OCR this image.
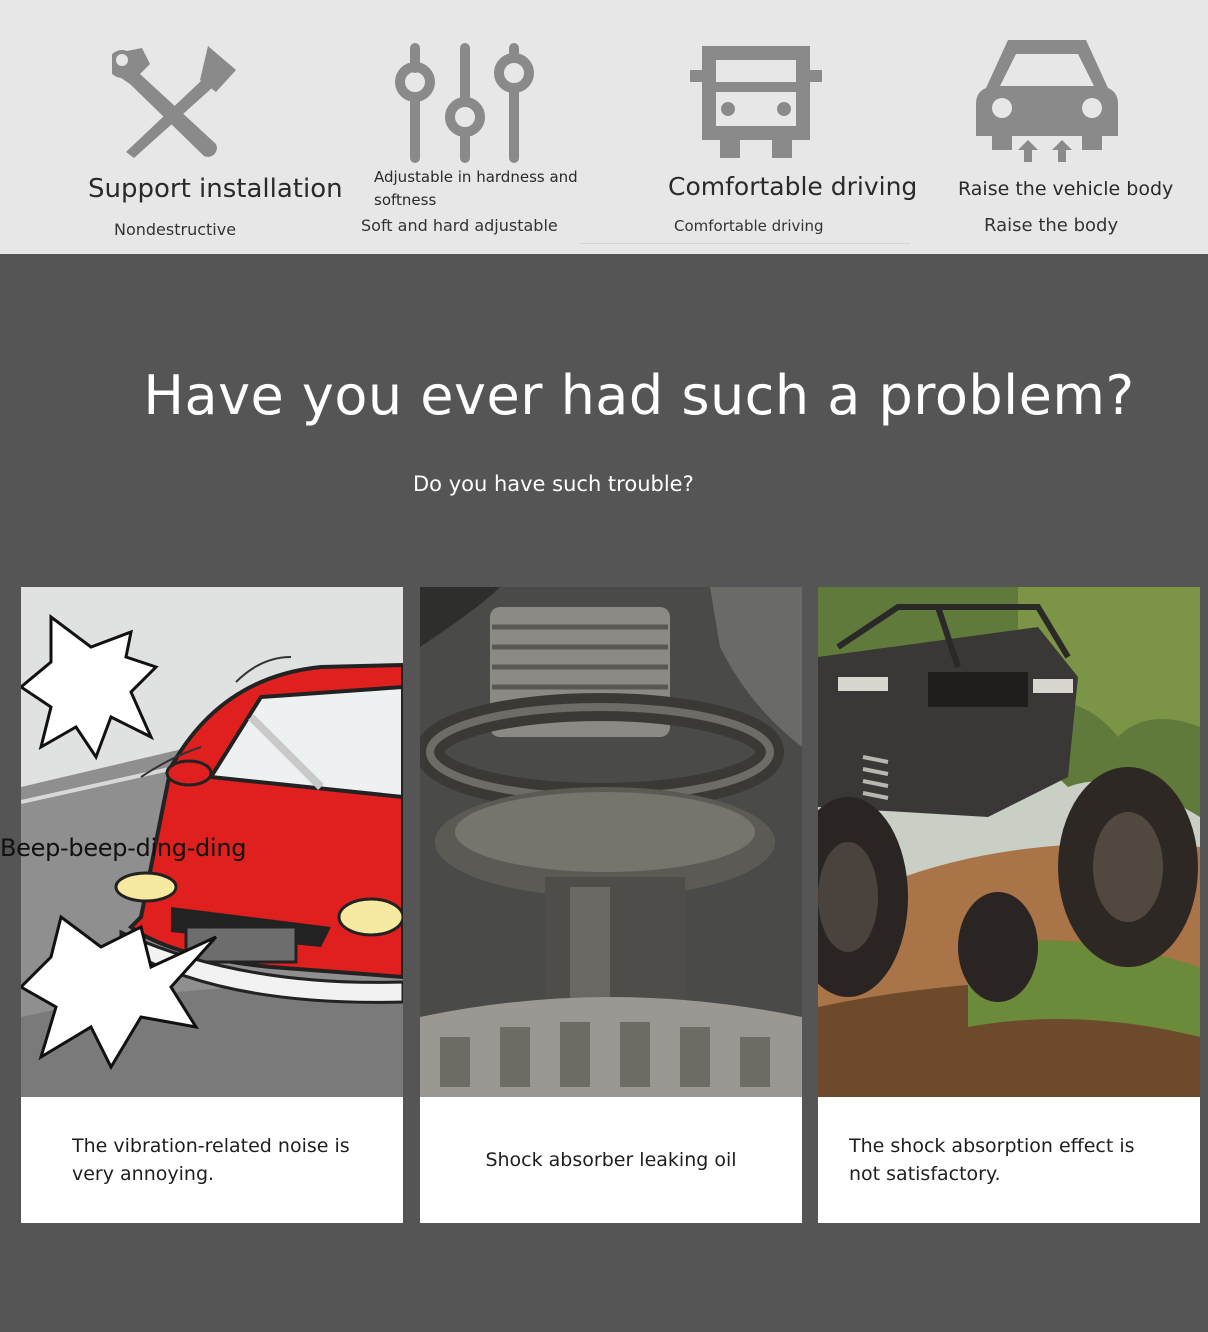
Support installation
Nondestructive
Adjustable in hardness and softness
Soft and hard adjustable
Comfortable driving
Comfortable driving
Raise the vehicle body
Raise the body
Have you ever had such a problem?
Do you have such trouble?
The vibration-related noise is very annoying.
Shock absorber leaking oil
The shock absorption effect is not satisfactory.
Beep-beep-ding-ding
